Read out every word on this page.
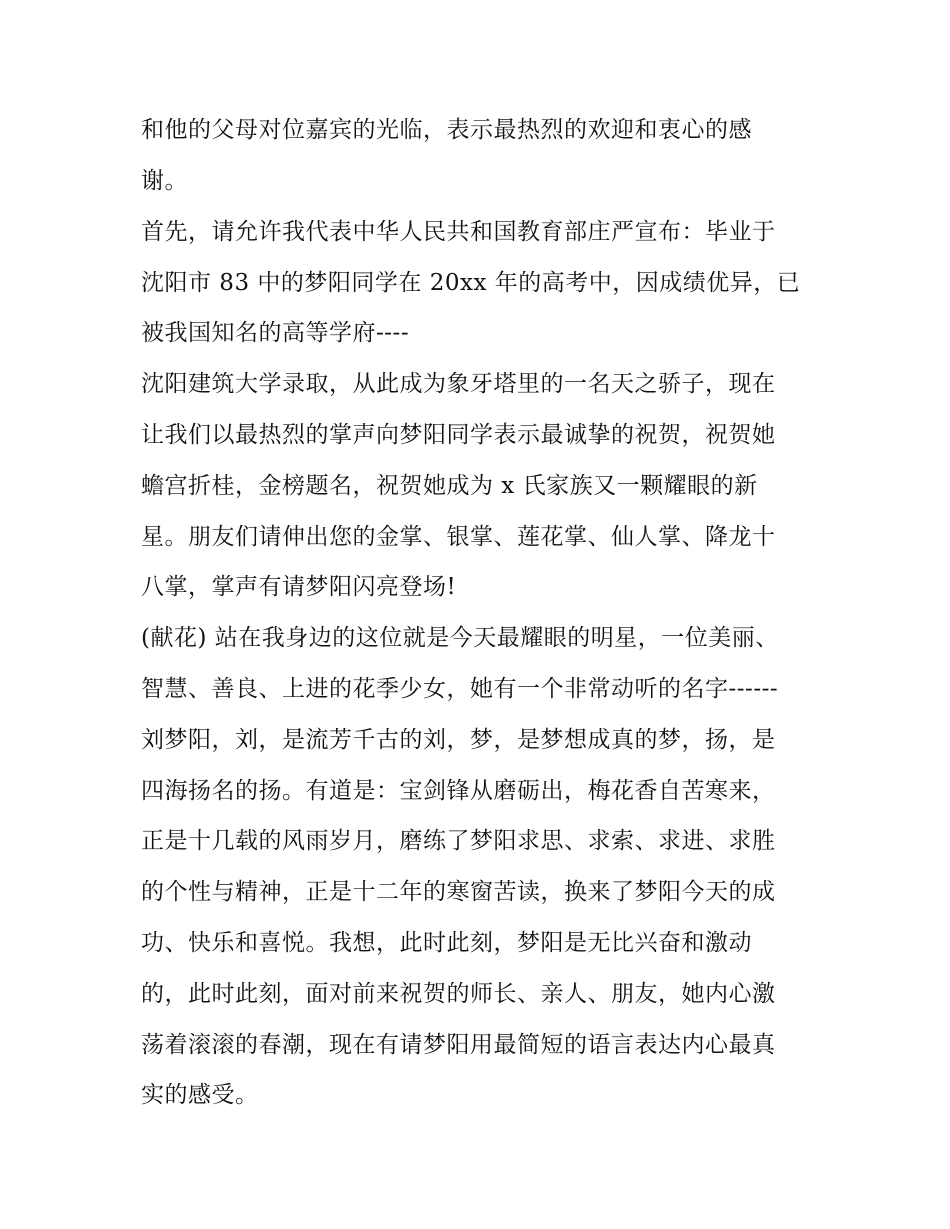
和他的父母对位嘉宾的光临，表示最热烈的欢迎和衷心的感
谢。
首先，请允许我代表中华人民共和国教育部庄严宣布：毕业于
沈阳市 83 中的梦阳同学在 20xx 年的高考中，因成绩优异，已
被我国知名的高等学府----
沈阳建筑大学录取，从此成为象牙塔里的一名天之骄子，现在
让我们以最热烈的掌声向梦阳同学表示最诚挚的祝贺，祝贺她
蟾宫折桂，金榜题名，祝贺她成为 x 氏家族又一颗耀眼的新
星。朋友们请伸出您的金掌、银掌、莲花掌、仙人掌、降龙十
八掌，掌声有请梦阳闪亮登场!
(献花) 站在我身边的这位就是今天最耀眼的明星，一位美丽、
智慧、善良、上进的花季少女，她有一个非常动听的名字------
刘梦阳，刘，是流芳千古的刘，梦，是梦想成真的梦，扬，是
四海扬名的扬。有道是：宝剑锋从磨砺出，梅花香自苦寒来，
正是十几载的风雨岁月，磨练了梦阳求思、求索、求进、求胜
的个性与精神，正是十二年的寒窗苦读，换来了梦阳今天的成
功、快乐和喜悦。我想，此时此刻，梦阳是无比兴奋和激动
的，此时此刻，面对前来祝贺的师长、亲人、朋友，她内心激
荡着滚滚的春潮，现在有请梦阳用最简短的语言表达内心最真
实的感受。
